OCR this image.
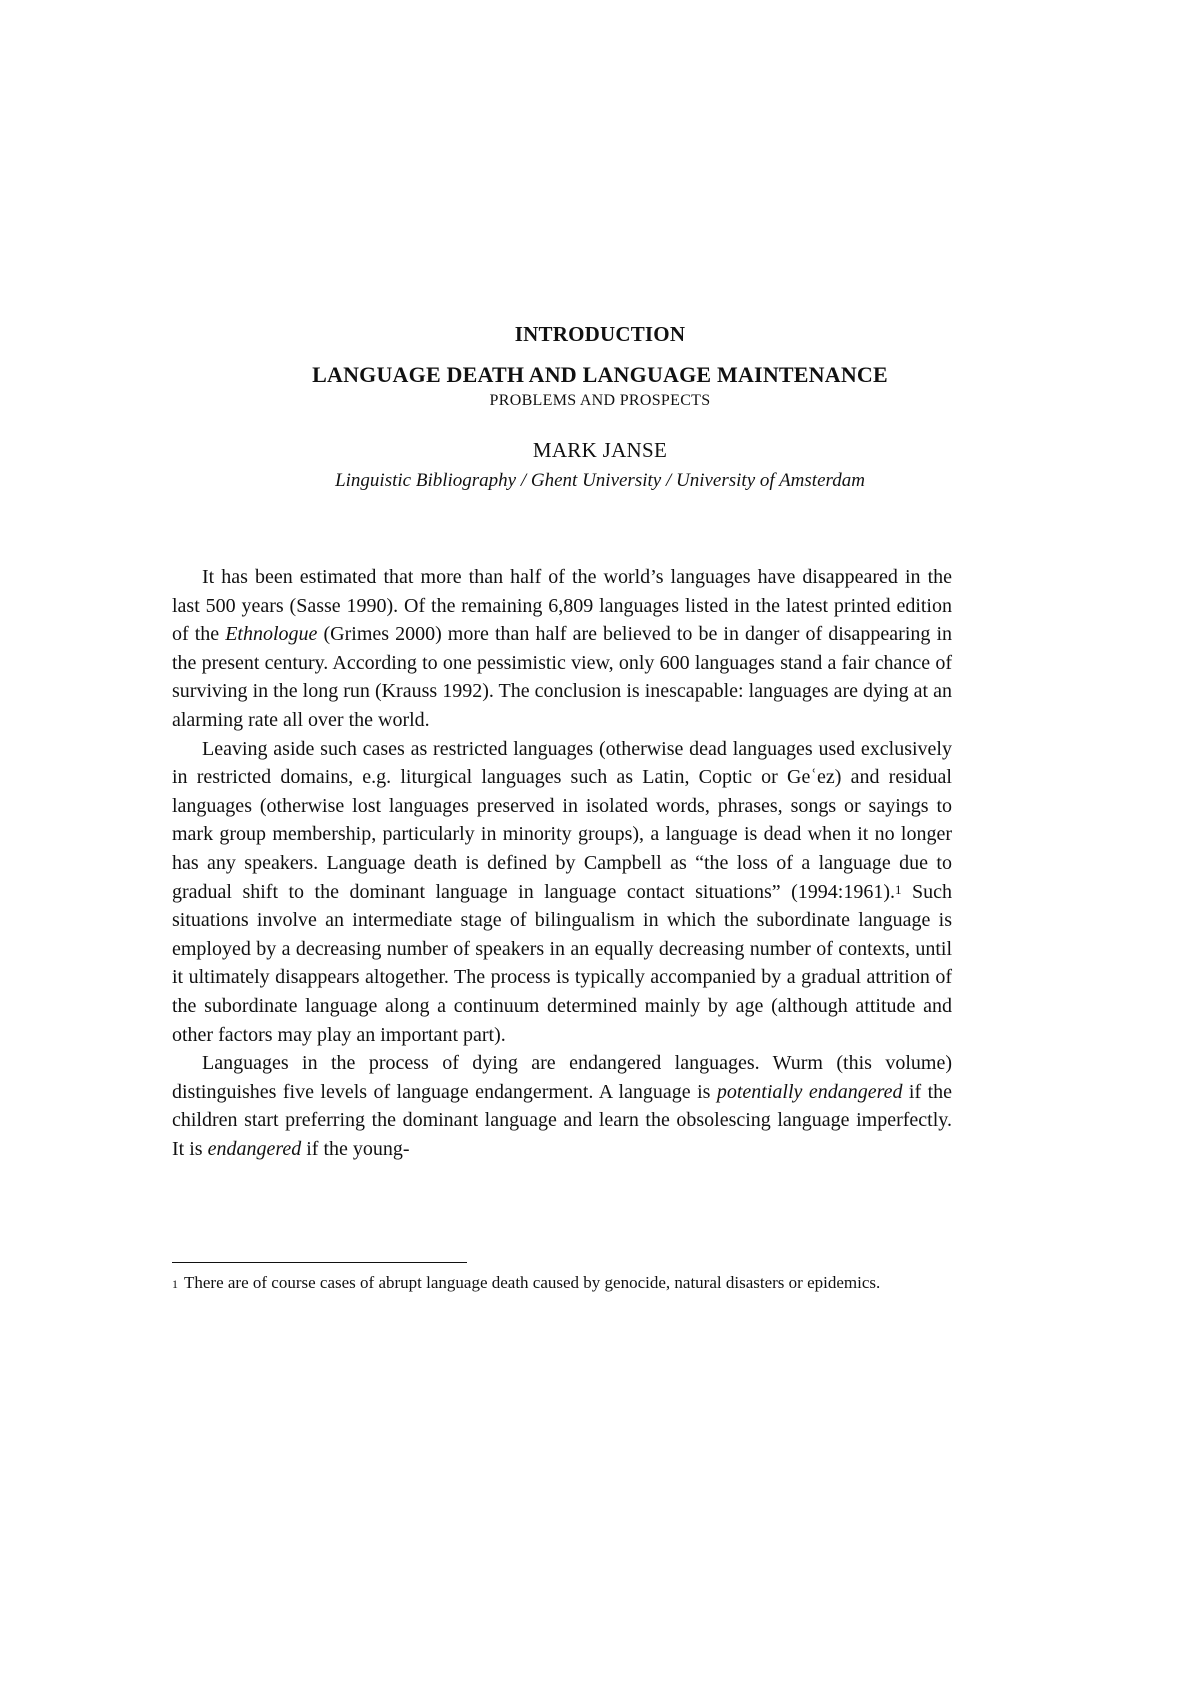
INTRODUCTION
LANGUAGE DEATH AND LANGUAGE MAINTENANCE
PROBLEMS AND PROSPECTS
MARK JANSE
Linguistic Bibliography / Ghent University / University of Amsterdam

It has been estimated that more than half of the world’s languages have disappeared in the last 500 years (Sasse 1990). Of the remaining 6,809 languages listed in the latest printed edition of the Ethnologue (Grimes 2000) more than half are believed to be in danger of disappearing in the present century. According to one pessimistic view, only 600 languages stand a fair chance of surviving in the long run (Krauss 1992). The conclusion is inescapable: languages are dying at an alarming rate all over the world.

Leaving aside such cases as restricted languages (otherwise dead languages used exclusively in restricted domains, e.g. liturgical languages such as Latin, Coptic or Geʿez) and residual languages (otherwise lost languages preserved in isolated words, phrases, songs or sayings to mark group membership, particularly in minority groups), a language is dead when it no longer has any speakers. Language death is defined by Campbell as “the loss of a language due to gradual shift to the dominant language in language contact situations” (1994:1961).$^1$ Such situations involve an intermediate stage of bilingualism in which the subordinate language is employed by a decreasing number of speakers in an equally decreasing number of contexts, until it ultimately disappears altogether. The process is typically accompanied by a gradual attrition of the subordinate language along a continuum determined mainly by age (although attitude and other factors may play an important part).

Languages in the process of dying are endangered languages. Wurm (this volume) distinguishes five levels of language endangerment. A language is potentially endangered if the children start preferring the dominant language and learn the obsolescing language imperfectly. It is endangered if the young-

$^1$ There are of course cases of abrupt language death caused by genocide, natural disasters or epidemics.
